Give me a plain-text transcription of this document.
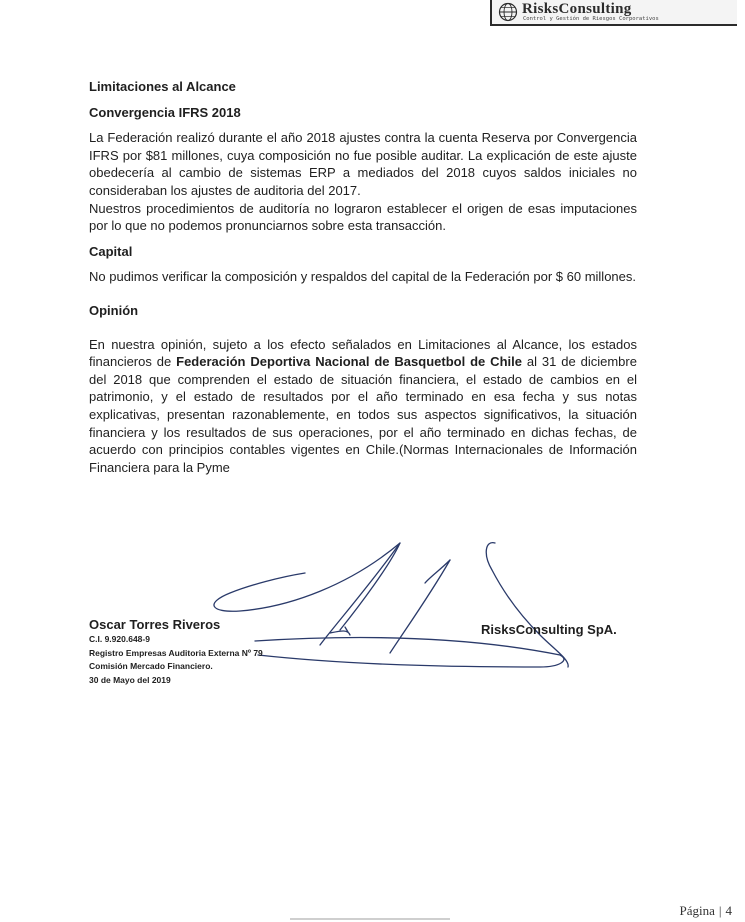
RisksConsulting
Control y Gestión de Riesgos Corporativos

Limitaciones al Alcance

Convergencia IFRS 2018

La Federación realizó durante el año 2018 ajustes contra la cuenta Reserva por Convergencia IFRS por $81 millones, cuya composición no fue posible auditar. La explicación de este ajuste obedecería al cambio de sistemas ERP a mediados del 2018 cuyos saldos iniciales no consideraban los ajustes de auditoria del 2017.

Nuestros procedimientos de auditoría no lograron establecer el origen de esas imputaciones por lo que no podemos pronunciarnos sobre esta transacción.

Capital

No pudimos verificar la composición y respaldos del capital de la Federación por $ 60 millones.

Opinión

En nuestra opinión, sujeto a los efecto señalados en Limitaciones al Alcance, los estados financieros de Federación Deportiva Nacional de Basquetbol de Chile al 31 de diciembre del 2018 que comprenden el estado de situación financiera, el estado de cambios en el patrimonio, y el estado de resultados por el año terminado en esa fecha y sus notas explicativas, presentan razonablemente, en todos sus aspectos significativos, la situación financiera y los resultados de sus operaciones, por el año terminado en dichas fechas, de acuerdo con principios contables vigentes en Chile.(Normas Internacionales de Información Financiera para la Pyme

Oscar Torres Riveros
C.I. 9.920.648-9
Registro Empresas Auditoria Externa Nº 79
Comisión Mercado Financiero.
30 de Mayo del 2019
RisksConsulting SpA.
Página | 4
